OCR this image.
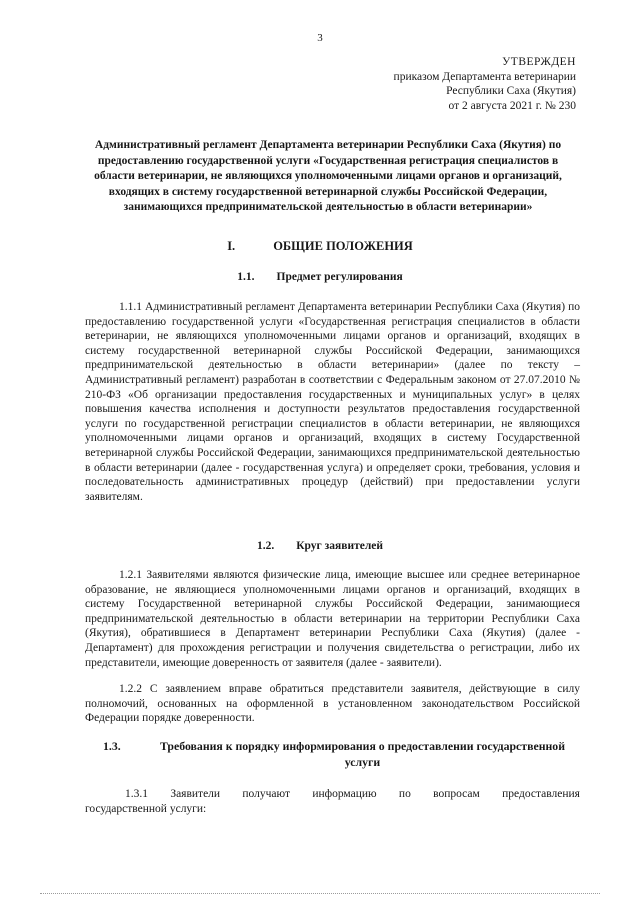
3
УТВЕРЖДЕН
приказом Департамента ветеринарии
Республики Саха (Якутия)
от 2 августа 2021 г. № 230
Административный регламент Департамента ветеринарии Республики Саха (Якутия) по предоставлению государственной услуги «Государственная регистрация специалистов в области ветеринарии, не являющихся уполномоченными лицами органов и организаций, входящих в систему государственной ветеринарной службы Российской Федерации, занимающихся предпринимательской деятельностью в области ветеринарии»
I.	ОБЩИЕ ПОЛОЖЕНИЯ
1.1. Предмет регулирования

1.1.1 Административный регламент Департамента ветеринарии Республики Саха (Якутия) по предоставлению государственной услуги «Государственная регистрация специалистов в области ветеринарии, не являющихся уполномоченными лицами органов и организаций, входящих в систему государственной ветеринарной службы Российской Федерации, занимающихся предпринимательской деятельностью в области ветеринарии» (далее по тексту – Административный регламент) разработан в соответствии с Федеральным законом от 27.07.2010 № 210-ФЗ «Об организации предоставления государственных и муниципальных услуг» в целях повышения качества исполнения и доступности результатов предоставления государственной услуги по государственной регистрации специалистов в области ветеринарии, не являющихся уполномоченными лицами органов и организаций, входящих в систему Государственной ветеринарной службы Российской Федерации, занимающихся предпринимательской деятельностью в области ветеринарии (далее - государственная услуга) и определяет сроки, требования, условия и последовательность административных процедур (действий) при предоставлении услуги заявителям.

1.2. Круг заявителей

1.2.1 Заявителями являются физические лица, имеющие высшее или среднее ветеринарное образование, не являющиеся уполномоченными лицами органов и организаций, входящих в систему Государственной ветеринарной службы Российской Федерации, занимающиеся предпринимательской деятельностью в области ветеринарии на территории Республики Саха (Якутия), обратившиеся в Департамент ветеринарии Республики Саха (Якутия) (далее - Департамент) для прохождения регистрации и получения свидетельства о регистрации, либо их представители, имеющие доверенность от заявителя (далее - заявители).

1.2.2 С заявлением вправе обратиться представители заявителя, действующие в силу полномочий, основанных на оформленной в установленном законодательством Российской Федерации порядке доверенности.

1.3.	Требования к порядку информирования о предоставлении государственной услуги
1.3.1 Заявители получают информацию по вопросам предоставления
государственной услуги:
